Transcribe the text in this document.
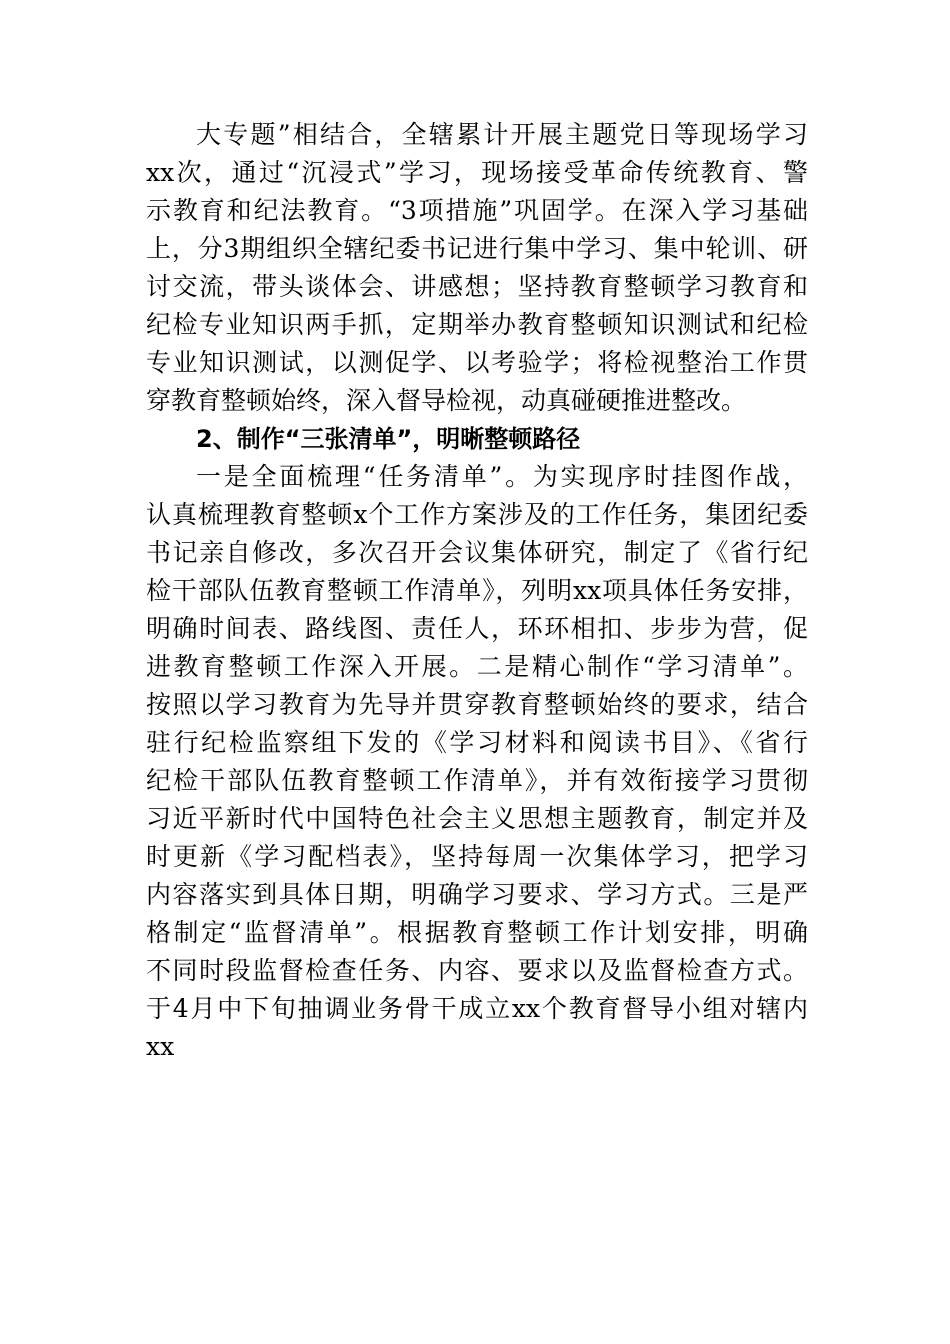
大专题”相结合，全辖累计开展主题党日等现场学习
xx次，通过“沉浸式”学习，现场接受革命传统教育、警
示教育和纪法教育。“3项措施”巩固学。在深入学习基础
上，分3期组织全辖纪委书记进行集中学习、集中轮训、研
讨交流，带头谈体会、讲感想；坚持教育整顿学习教育和
纪检专业知识两手抓，定期举办教育整顿知识测试和纪检
专业知识测试，以测促学、以考验学；将检视整治工作贯
穿教育整顿始终，深入督导检视，动真碰硬推进整改。
2、制作“三张清单”，明晰整顿路径
一是全面梳理“任务清单”。为实现序时挂图作战，
认真梳理教育整顿x个工作方案涉及的工作任务，集团纪委
书记亲自修改，多次召开会议集体研究，制定了《省行纪
检干部队伍教育整顿工作清单》，列明xx项具体任务安排，
明确时间表、路线图、责任人，环环相扣、步步为营，促
进教育整顿工作深入开展。二是精心制作“学习清单”。
按照以学习教育为先导并贯穿教育整顿始终的要求，结合
驻行纪检监察组下发的《学习材料和阅读书目》、《省行
纪检干部队伍教育整顿工作清单》，并有效衔接学习贯彻
习近平新时代中国特色社会主义思想主题教育，制定并及
时更新《学习配档表》，坚持每周一次集体学习，把学习
内容落实到具体日期，明确学习要求、学习方式。三是严
格制定“监督清单”。根据教育整顿工作计划安排，明确
不同时段监督检查任务、内容、要求以及监督检查方式。
于4月中下旬抽调业务骨干成立xx个教育督导小组对辖内
xx
